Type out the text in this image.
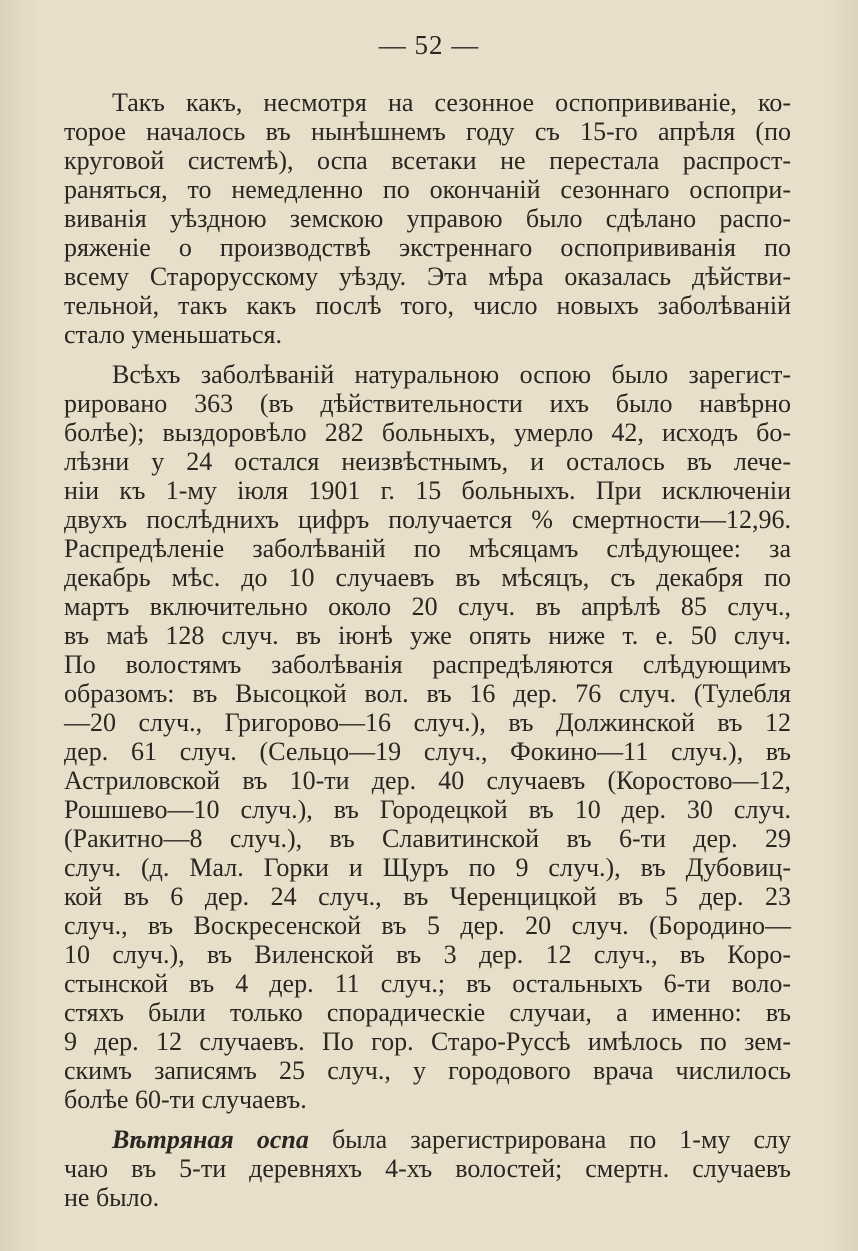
— 52 —
Такъ какъ, несмотря на сезонное оспопрививаніе, ко-
торое началось въ нынѣшнемъ году съ 15-го апрѣля (по
круговой системѣ), оспа всетаки не перестала распрост-
раняться, то немедленно по окончаній сезоннаго оспопри-
виванія уѣздною земскою управою было сдѣлано распо-
ряженіе о производствѣ экстреннаго оспопрививанія по
всему Старорусскому уѣзду. Эта мѣра оказалась дѣйстви-
тельной, такъ какъ послѣ того, число новыхъ заболѣваній
стало уменьшаться.
Всѣхъ заболѣваній натуральною оспою было зарегист-
рировано 363 (въ дѣйствительности ихъ было навѣрно
болѣе); выздоровѣло 282 больныхъ, умерло 42, исходъ бо-
лѣзни у 24 остался неизвѣстнымъ, и осталось въ лече-
ніи къ 1-му іюля 1901 г. 15 больныхъ. При исключеніи
двухъ послѣднихъ цифръ получается % смертности—12,96.
Распредѣленіе заболѣваній по мѣсяцамъ слѣдующее: за
декабрь мѣс. до 10 случаевъ въ мѣсяцъ, съ декабря по
мартъ включительно около 20 случ. въ апрѣлѣ 85 случ.,
въ маѣ 128 случ. въ іюнѣ уже опять ниже т. е. 50 случ.
По волостямъ заболѣванія распредѣляются слѣдующимъ
образомъ: въ Высоцкой вол. въ 16 дер. 76 случ. (Тулебля
—20 случ., Григорово—16 случ.), въ Должинской въ 12
дер. 61 случ. (Сельцо—19 случ., Фокино—11 случ.), въ
Астриловской въ 10-ти дер. 40 случаевъ (Коростово—12,
Рошшево—10 случ.), въ Городецкой въ 10 дер. 30 случ.
(Ракитно—8 случ.), въ Славитинской въ 6-ти дер. 29
случ. (д. Мал. Горки и Щуръ по 9 случ.), въ Дубовиц-
кой въ 6 дер. 24 случ., въ Черенцицкой въ 5 дер. 23
случ., въ Воскресенской въ 5 дер. 20 случ. (Бородино—
10 случ.), въ Виленской въ 3 дер. 12 случ., въ Коро-
стынской въ 4 дер. 11 случ.; въ остальныхъ 6-ти воло-
стяхъ были только спорадическіе случаи, а именно: въ
9 дер. 12 случаевъ. По гор. Старо-Руссѣ имѣлось по зем-
скимъ записямъ 25 случ., у городового врача числилось
болѣе 60-ти случаевъ.
Вѣтряная оспа была зарегистрирована по 1-му слу
чаю въ 5-ти деревняхъ 4-хъ волостей; смертн. случаевъ
не было.
